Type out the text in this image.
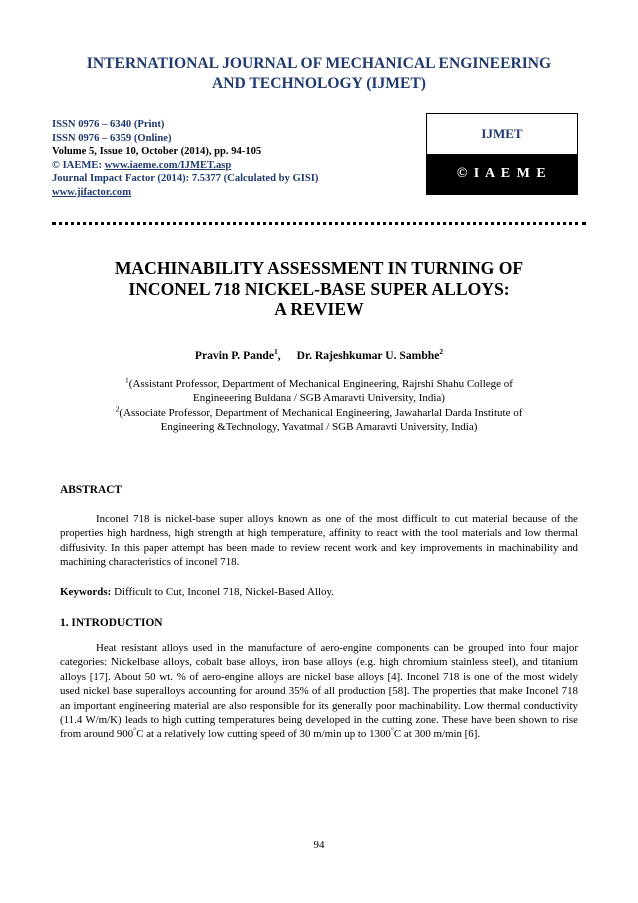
INTERNATIONAL JOURNAL OF MECHANICAL ENGINEERING
AND TECHNOLOGY (IJMET)
ISSN 0976 – 6340 (Print)
ISSN 0976 – 6359 (Online)
Volume 5, Issue 10, October (2014), pp. 94-105
© IAEME: www.iaeme.com/IJMET.asp
Journal Impact Factor (2014): 7.5377 (Calculated by GISI)
www.jifactor.com
IJMET
© I A E M E
MACHINABILITY ASSESSMENT IN TURNING OF
INCONEL 718 NICKEL-BASE SUPER ALLOYS:
A REVIEW
Pravin P. Pande$^1$, Dr. Rajeshkumar U. Sambhe$^2$
$^1$(Assistant Professor, Department of Mechanical Engineering, Rajrshi Shahu College of
Engineeering Buldana / SGB Amaravti University, India)
$^2$(Associate Professor, Department of Mechanical Engineering, Jawaharlal Darda Institute of
Engineering &Technology, Yavatmal / SGB Amaravti University, India)
ABSTRACT
Inconel 718 is nickel-base super alloys known as one of the most difficult to cut material because of the properties high hardness, high strength at high temperature, affinity to react with the tool materials and low thermal diffusivity. In this paper attempt has been made to review recent work and key improvements in machinability and machining characteristics of inconel 718.
Keywords: Difficult to Cut, Inconel 718, Nickel-Based Alloy.
1. INTRODUCTION
Heat resistant alloys used in the manufacture of aero-engine components can be grouped into four major categories: Nickelbase alloys, cobalt base alloys, iron base alloys (e.g. high chromium stainless steel), and titanium alloys [17]. About 50 wt. % of aero-engine alloys are nickel base alloys [4]. Inconel 718 is one of the most widely used nickel base superalloys accounting for around 35% of all production [58]. The properties that make Inconel 718 an important engineering material are also responsible for its generally poor machinability. Low thermal conductivity (11.4 W/m/K) leads to high cutting temperatures being developed in the cutting zone. These have been shown to rise from around 900°C at a relatively low cutting speed of 30 m/min up to 1300°C at 300 m/min [6].
94
